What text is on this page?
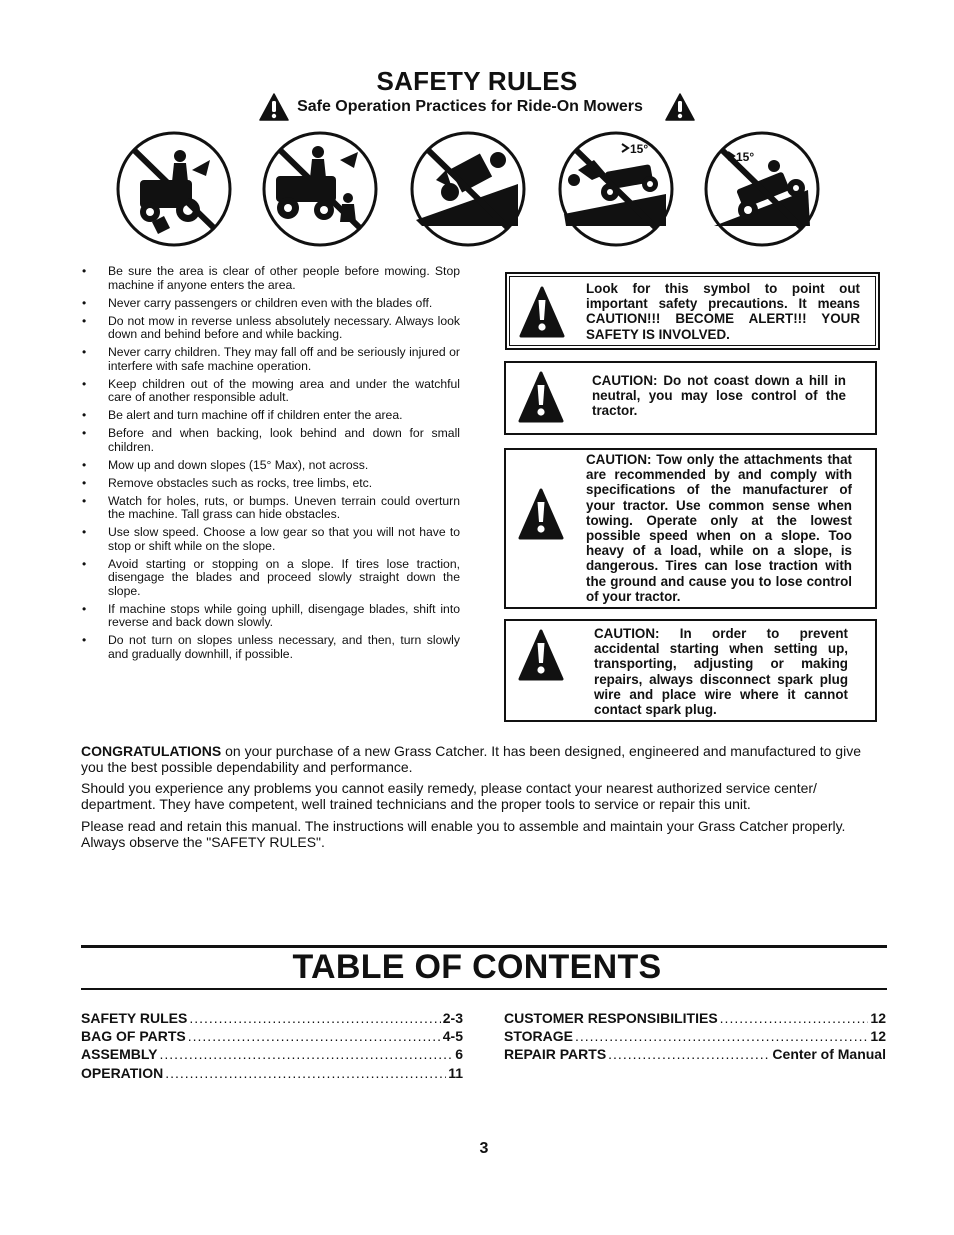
SAFETY RULES
Safe Operation Practices for Ride-On Mowers
15°
15°
• Be sure the area is clear of other people before mowing. Stop machine if anyone enters the area.
• Never carry passengers or children even with the blades off.
• Do not mow in reverse unless absolutely necessary. Always look down and behind before and while backing.
• Never carry children. They may fall off and be seriously injured or interfere with safe machine operation.
• Keep children out of the mowing area and under the watchful care of another responsible adult.
• Be alert and turn machine off if children enter the area.
• Before and when backing, look behind and down for small children.
• Mow up and down slopes (15° Max), not across.
• Remove obstacles such as rocks, tree limbs, etc.
• Watch for holes, ruts, or bumps. Uneven terrain could overturn the machine. Tall grass can hide obstacles.
• Use slow speed. Choose a low gear so that you will not have to stop or shift while on the slope.
• Avoid starting or stopping on a slope. If tires lose traction, disengage the blades and proceed slowly straight down the slope.
• If machine stops while going uphill, disengage blades, shift into reverse and back down slowly.
• Do not turn on slopes unless necessary, and then, turn slowly and gradually downhill, if possible.
Look for this symbol to point out important safety precautions. It means CAUTION!!! BECOME ALERT!!! YOUR SAFETY IS INVOLVED.
CAUTION: Do not coast down a hill in neutral, you may lose control of the tractor.
CAUTION: Tow only the attachments that are recommended by and comply with specifications of the manufacturer of your tractor. Use common sense when towing. Operate only at the lowest possible speed when on a slope. Too heavy of a load, while on a slope, is dangerous. Tires can lose traction with the ground and cause you to lose control of your tractor.
CAUTION: In order to prevent accidental starting when setting up, transporting, adjusting or making repairs, always disconnect spark plug wire and place wire where it cannot contact spark plug.

CONGRATULATIONS on your purchase of a new Grass Catcher. It has been designed, engineered and manufactured to give you the best possible dependability and performance.

Should you experience any problems you cannot easily remedy, please contact your nearest authorized service center/ department. They have competent, well trained technicians and the proper tools to service or repair this unit.

Please read and retain this manual. The instructions will enable you to assemble and maintain your Grass Catcher properly. Always observe the "SAFETY RULES".

TABLE OF CONTENTS
SAFETY RULES .....	2-3
BAG OF PARTS .....	4-5
ASSEMBLY .....	6
OPERATION .....	11
CUSTOMER RESPONSIBILITIES .....	12
STORAGE .....	12
REPAIR PARTS .....	Center of Manual
3
